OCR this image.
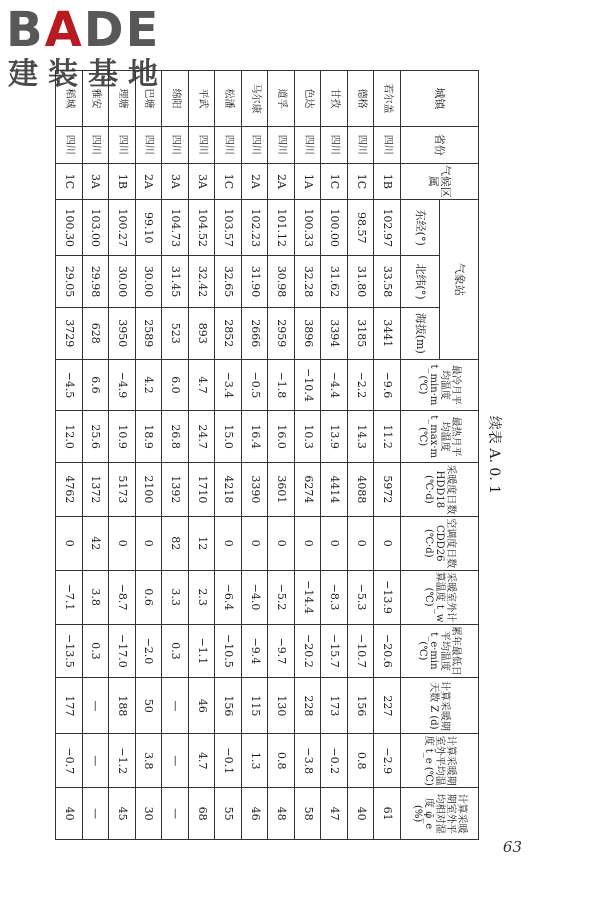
BADE
建装基地
续表 A. 0. 1
城镇	省份	气候区属	气象站			最冷月平均温度 t_min·m (℃)	最热月平均温度 t_max·m (℃)	采暖度日数 HDD18 (℃·d)	空调度日数 CDD26 (℃·d)	采暖室外计算温度 t_w (℃)	累年最低日平均温度 t_e·min (℃)	计算采暖期天数 Z (d)	计算采暖期室外平均温度 t̄_e (℃)	计算采暖期室外平均相对湿度 φ̄_e (%)
			东经(°)	北纬(°)	海拔(m)									
若尔盖	四川	1B	102.97	33.58	3441	−9.6	11.2	5972	0	−13.9	−20.6	227	−2.9	61
德格	四川	1C	98.57	31.80	3185	−2.2	14.3	4088	0	−5.3	−10.7	156	0.8	40
甘孜	四川	1C	100.00	31.62	3394	−4.4	13.9	4414	0	−8.3	−15.7	173	−0.2	47
色达	四川	1A	100.33	32.28	3896	−10.4	10.3	6274	0	−14.4	−20.2	228	−3.8	58
道孚	四川	2A	101.12	30.98	2959	−1.8	16.0	3601	0	−5.2	−9.7	130	0.8	48
马尔康	四川	2A	102.23	31.90	2666	−0.5	16.4	3390	0	−4.0	−9.4	115	1.3	46
松潘	四川	1C	103.57	32.65	2852	−3.4	15.0	4218	0	−6.4	−10.5	156	−0.1	55
平武	四川	3A	104.52	32.42	893	4.7	24.7	1710	12	2.3	−1.1	46	4.7	68
绵阳	四川	3A	104.73	31.45	523	6.0	26.8	1392	82	3.3	0.3	—	—	—
巴塘	四川	2A	99.10	30.00	2589	4.2	18.9	2100	0	0.6	−2.0	50	3.8	30
理塘	四川	1B	100.27	30.00	3950	−4.9	10.9	5173	0	−8.7	−17.0	188	−1.2	45
雅安	四川	3A	103.00	29.98	628	6.6	25.6	1372	42	3.8	0.3	—	—	—
稻城	四川	1C	100.30	29.05	3729	−4.5	12.0	4762	0	−7.1	−13.5	177	−0.7	40
63
